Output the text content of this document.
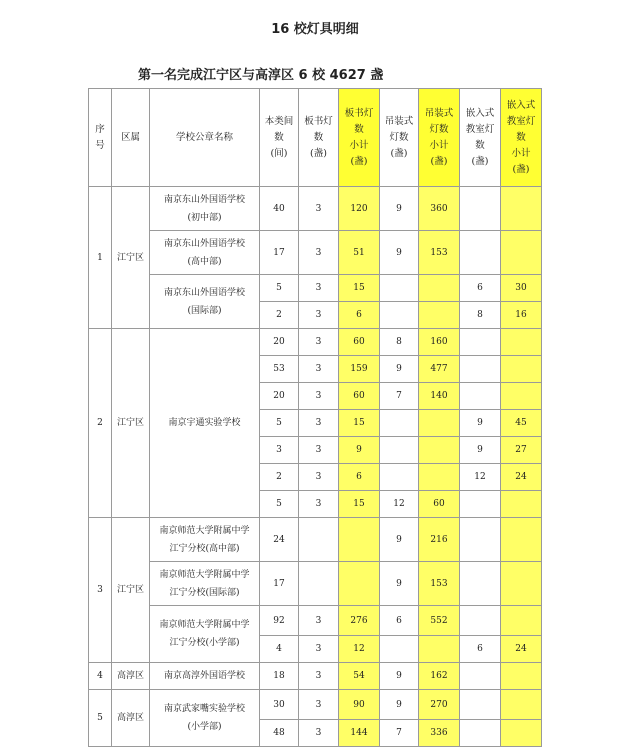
16 校灯具明细
第一名完成江宁区与高淳区 6 校 4627 盏
序
号	区属	学校公章名称	本类间
数
(间)	板书灯
数
(盏)	板书灯
数
小计
(盏)	吊装式
灯数
(盏)	吊装式
灯数
小计
(盏)	嵌入式
教室灯
数
(盏)	嵌入式
教室灯
数
小计
(盏)
1	江宁区	南京东山外国语学校
(初中部)	40	3	120	9	360		
		南京东山外国语学校
(高中部)	17	3	51	9	153		
		南京东山外国语学校
(国际部)	5	3	15			6	30
			2	3	6			8	16
2	江宁区	南京宇通实验学校	20	3	60	8	160		
			53	3	159	9	477		
			20	3	60	7	140		
			5	3	15			9	45
			3	3	9			9	27
			2	3	6			12	24
			5	3	15	12	60		
3	江宁区	南京师范大学附属中学
江宁分校(高中部)	24			9	216		
		南京师范大学附属中学
江宁分校(国际部)	17			9	153		
		南京师范大学附属中学
江宁分校(小学部)	92	3	276	6	552		
			4	3	12			6	24
4	高淳区	南京高淳外国语学校	18	3	54	9	162		
5	高淳区	南京武家嘴实验学校
(小学部)	30	3	90	9	270		
			48	3	144	7	336		
